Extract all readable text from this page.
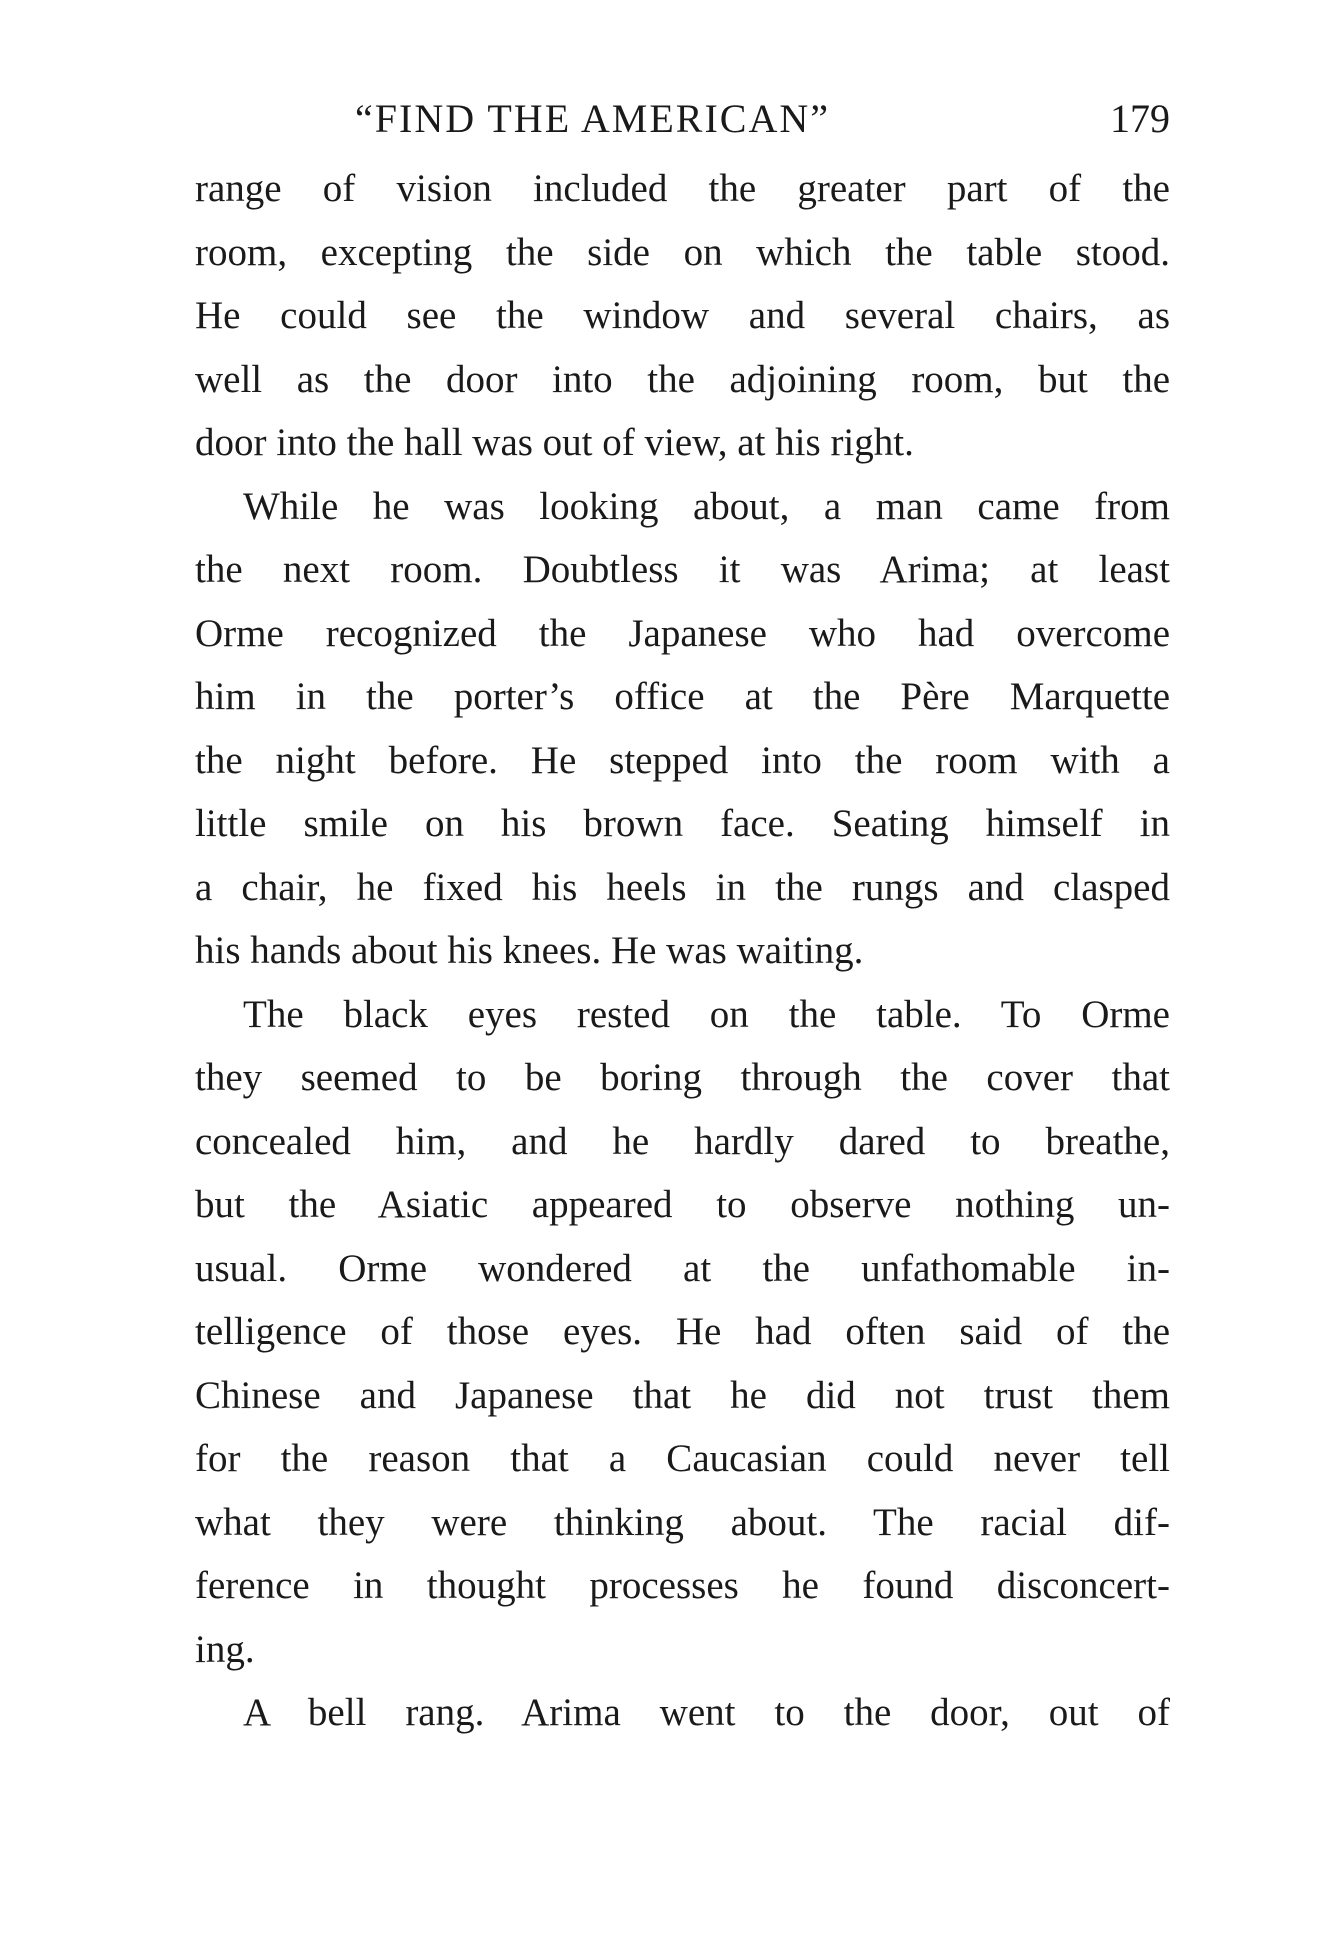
“FIND THE AMERICAN”	179
range of vision included the greater part of the
room, excepting the side on which the table stood.
He could see the window and several chairs, as
well as the door into the adjoining room, but the
door into the hall was out of view, at his right.
While he was looking about, a man came from
the next room. Doubtless it was Arima; at least
Orme recognized the Japanese who had overcome
him in the porter’s office at the Père Marquette
the night before. He stepped into the room with a
little smile on his brown face. Seating himself in
a chair, he fixed his heels in the rungs and clasped
his hands about his knees. He was waiting.
The black eyes rested on the table. To Orme
they seemed to be boring through the cover that
concealed him, and he hardly dared to breathe,
but the Asiatic appeared to observe nothing un-
usual. Orme wondered at the unfathomable in-
telligence of those eyes. He had often said of the
Chinese and Japanese that he did not trust them
for the reason that a Caucasian could never tell
what they were thinking about. The racial dif-
ference in thought processes he found disconcert-
ing.
A bell rang. Arima went to the door, out of
